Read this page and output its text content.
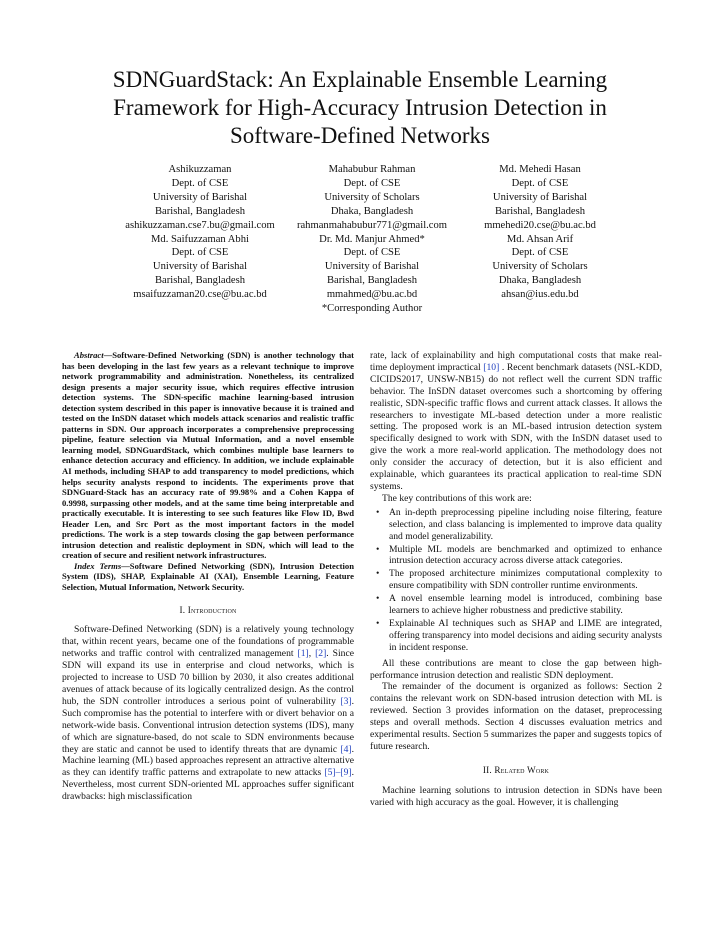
SDNGuardStack: An Explainable Ensemble Learning
Framework for High-Accuracy Intrusion Detection in
Software-Defined Networks
Ashikuzzaman
Dept. of CSE
University of Barishal
Barishal, Bangladesh
ashikuzzaman.cse7.bu@gmail.com
Md. Saifuzzaman Abhi
Dept. of CSE
University of Barishal
Barishal, Bangladesh
msaifuzzaman20.cse@bu.ac.bd
Mahabubur Rahman
Dept. of CSE
University of Scholars
Dhaka, Bangladesh
rahmanmahabubur771@gmail.com
Dr. Md. Manjur Ahmed*
Dept. of CSE
University of Barishal
Barishal, Bangladesh
mmahmed@bu.ac.bd
*Corresponding Author
Md. Mehedi Hasan
Dept. of CSE
University of Barishal
Barishal, Bangladesh
mmehedi20.cse@bu.ac.bd
Md. Ahsan Arif
Dept. of CSE
University of Scholars
Dhaka, Bangladesh
ahsan@ius.edu.bd

Abstract—Software-Defined Networking (SDN) is another technology that has been developing in the last few years as a relevant technique to improve network programmability and administration. Nonetheless, its centralized design presents a major security issue, which requires effective intrusion detection systems. The SDN-specific machine learning-based intrusion detection system described in this paper is innovative because it is trained and tested on the InSDN dataset which models attack scenarios and realistic traffic patterns in SDN. Our approach incorporates a comprehensive preprocessing pipeline, feature selection via Mutual Information, and a novel ensemble learning model, SDNGuardStack, which combines multiple base learners to enhance detection accuracy and efficiency. In addition, we include explainable AI methods, including SHAP to add transparency to model predictions, which helps security analysts respond to incidents. The experiments prove that SDNGuard-Stack has an accuracy rate of 99.98% and a Cohen Kappa of 0.9998, surpassing other models, and at the same time being interpretable and practically executable. It is interesting to see such features like Flow ID, Bwd Header Len, and Src Port as the most important factors in the model predictions. The work is a step towards closing the gap between performance intrusion detection and realistic deployment in SDN, which will lead to the creation of secure and resilient network infrastructures.

Index Terms—Software Defined Networking (SDN), Intrusion Detection System (IDS), SHAP, Explainable AI (XAI), Ensemble Learning, Feature Selection, Mutual Information, Network Security.

I. Introduction

Software-Defined Networking (SDN) is a relatively young technology that, within recent years, became one of the foundations of programmable networks and traffic control with centralized management [1], [2]. Since SDN will expand its use in enterprise and cloud networks, which is projected to increase to USD 70 billion by 2030, it also creates additional avenues of attack because of its logically centralized design. As the control hub, the SDN controller introduces a serious point of vulnerability [3]. Such compromise has the potential to interfere with or divert behavior on a network-wide basis. Conventional intrusion detection systems (IDS), many of which are signature-based, do not scale to SDN environments because they are static and cannot be used to identify threats that are dynamic [4]. Machine learning (ML) based approaches represent an attractive alternative as they can identify traffic patterns and extrapolate to new attacks [5]–[9]. Nevertheless, most current SDN-oriented ML approaches suffer significant drawbacks: high misclassification

rate, lack of explainability and high computational costs that make real-time deployment impractical [10] . Recent benchmark datasets (NSL-KDD, CICIDS2017, UNSW-NB15) do not reflect well the current SDN traffic behavior. The InSDN dataset overcomes such a shortcoming by offering realistic, SDN-specific traffic flows and current attack classes. It allows the researchers to investigate ML-based detection under a more realistic setting. The proposed work is an ML-based intrusion detection system specifically designed to work with SDN, with the InSDN dataset used to give the work a more real-world application. The methodology does not only consider the accuracy of detection, but it is also efficient and explainable, which guarantees its practical application to real-time SDN systems.

The key contributions of this work are:

• An in-depth preprocessing pipeline including noise filtering, feature selection, and class balancing is implemented to improve data quality and model generalizability.
• Multiple ML models are benchmarked and optimized to enhance intrusion detection accuracy across diverse attack categories.
• The proposed architecture minimizes computational complexity to ensure compatibility with SDN controller runtime environments.
• A novel ensemble learning model is introduced, combining base learners to achieve higher robustness and predictive stability.
• Explainable AI techniques such as SHAP and LIME are integrated, offering transparency into model decisions and aiding security analysts in incident response.

All these contributions are meant to close the gap between high-performance intrusion detection and realistic SDN deployment.

The remainder of the document is organized as follows: Section 2 contains the relevant work on SDN-based intrusion detection with ML is reviewed. Section 3 provides information on the dataset, preprocessing steps and overall methods. Section 4 discusses evaluation metrics and experimental results. Section 5 summarizes the paper and suggests topics of future research.

II. Related Work

Machine learning solutions to intrusion detection in SDNs have been varied with high accuracy as the goal. However, it is challenging
